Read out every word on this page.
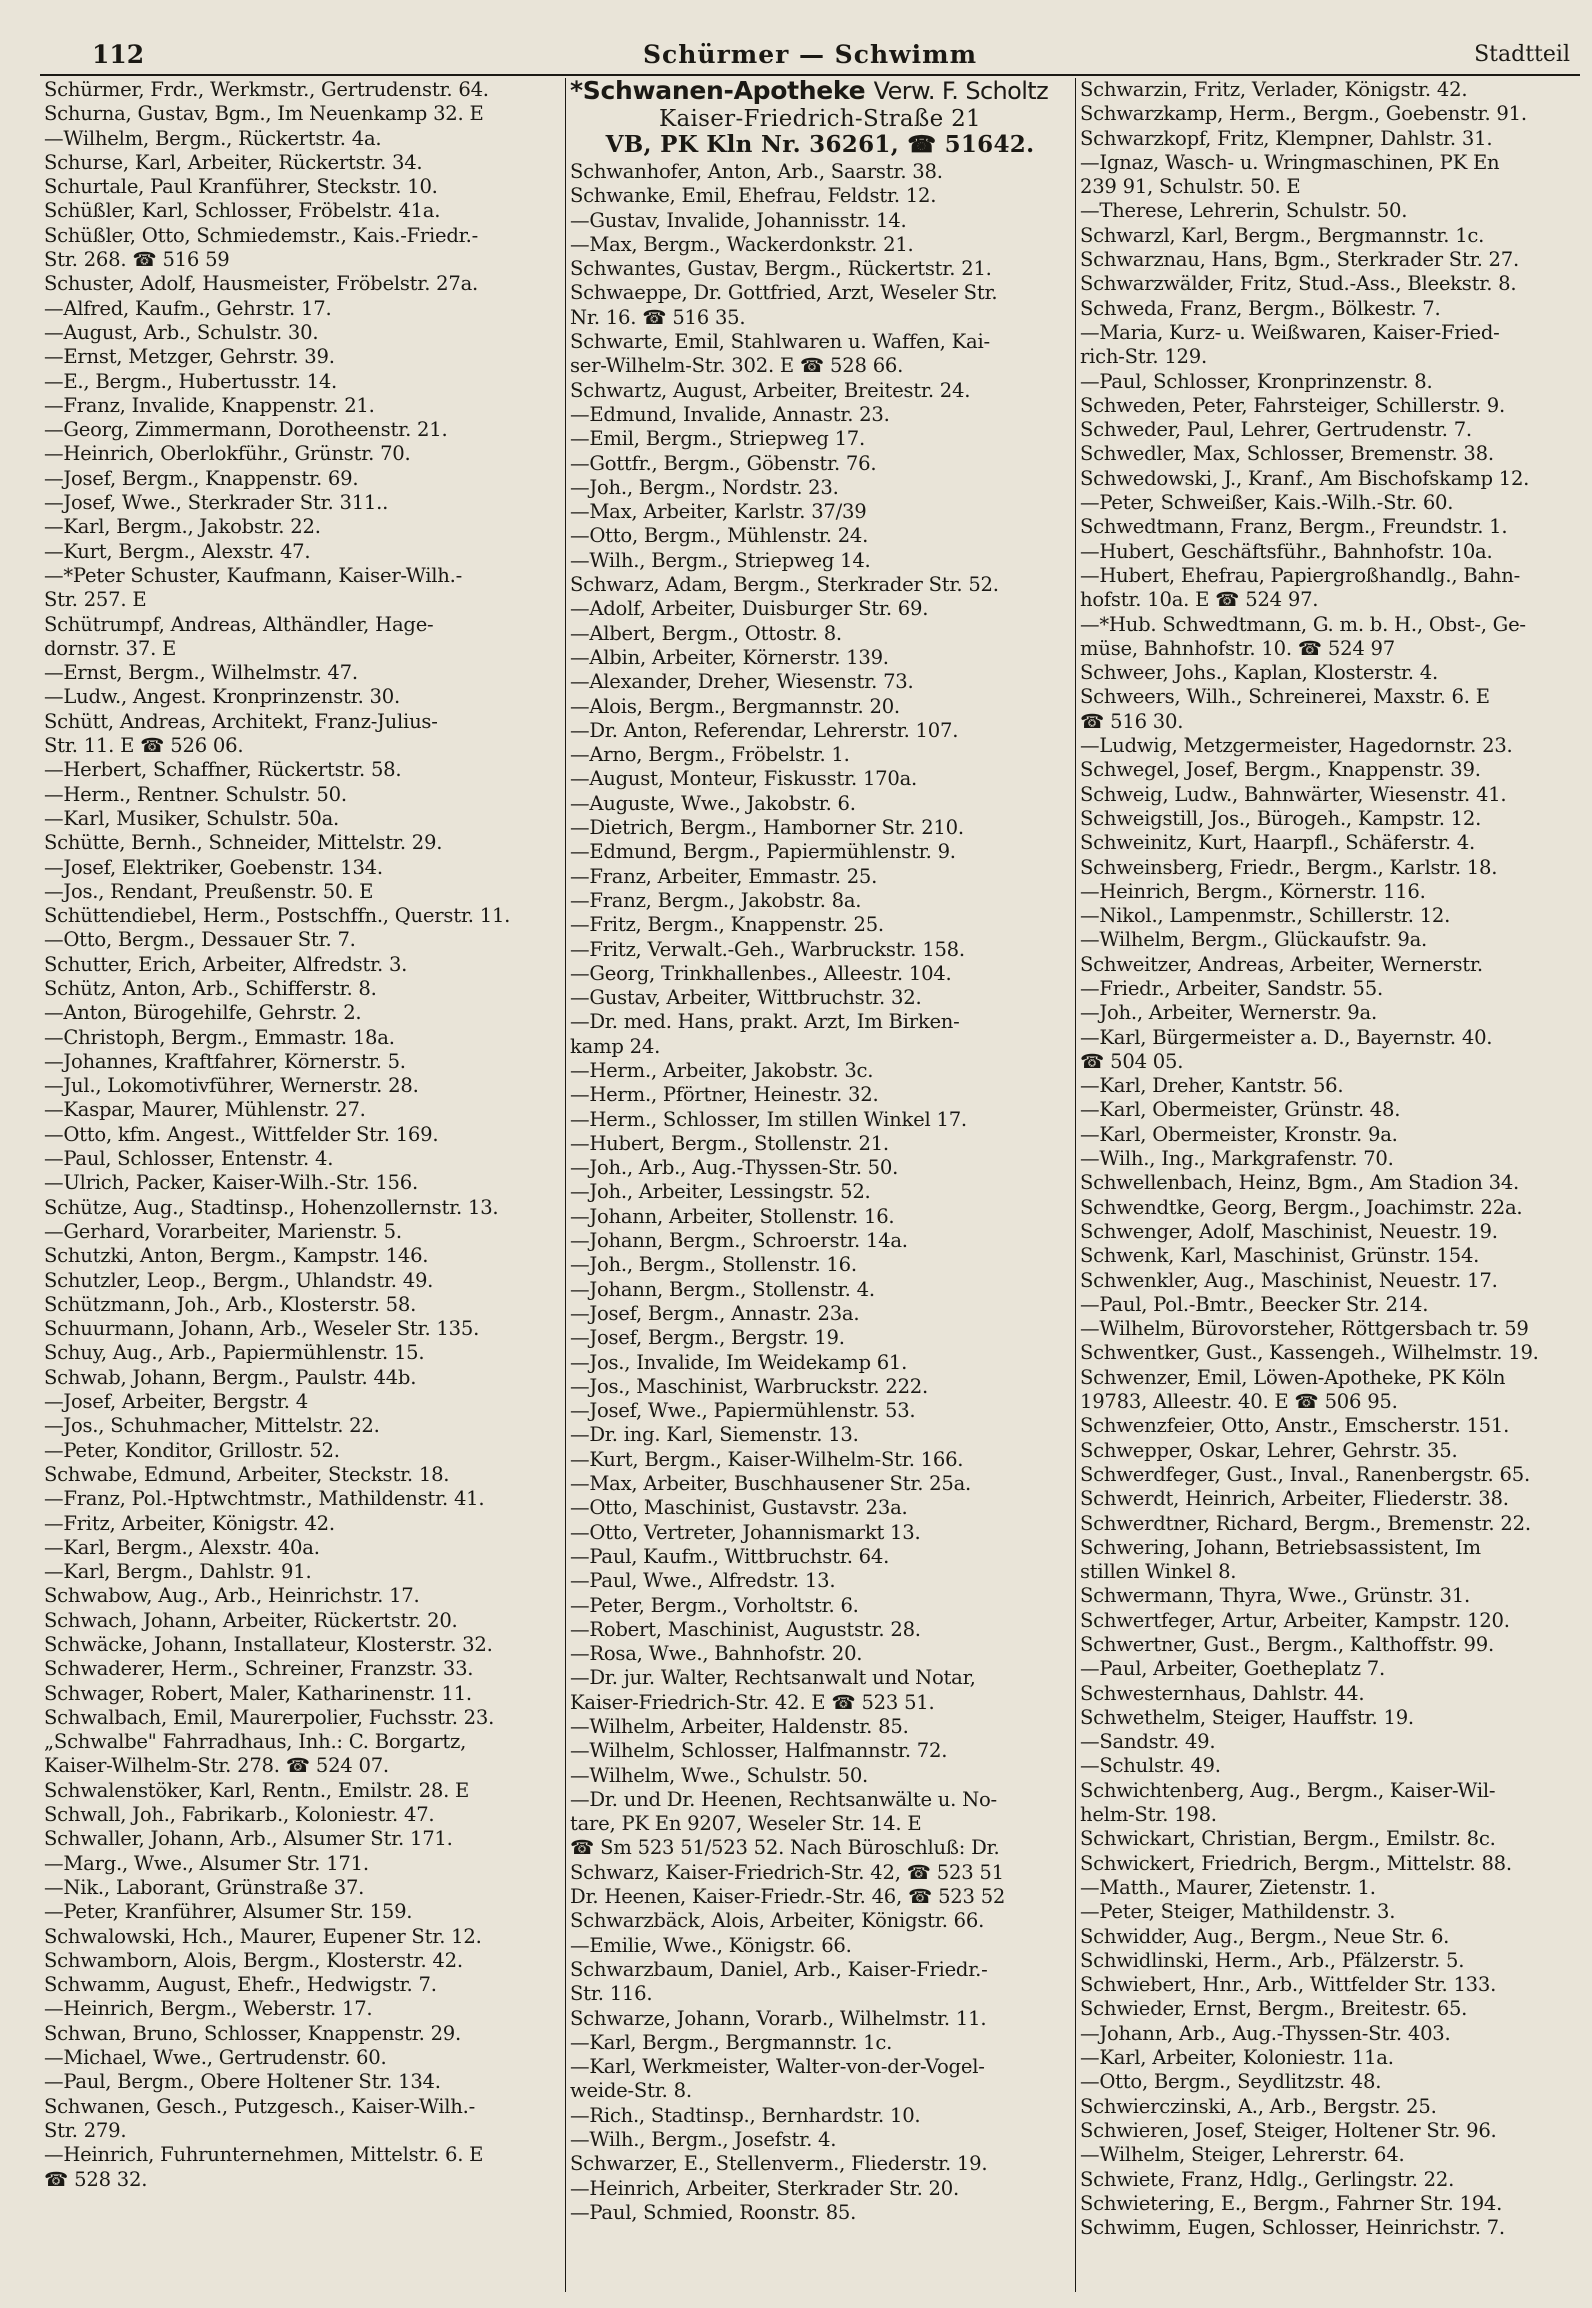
112	Schürmer — Schwimm	Stadtteil
Schürmer, Frdr., Werkmstr., Gertrudenstr. 64.
Schurna, Gustav, Bgm., Im Neuenkamp 32. E
—Wilhelm, Bergm., Rückertstr. 4a.
Schurse, Karl, Arbeiter, Rückertstr. 34.
Schurtale, Paul Kranführer, Steckstr. 10.
Schüßler, Karl, Schlosser, Fröbelstr. 41a.
Schüßler, Otto, Schmiedemstr., Kais.-Friedr.-
Str. 268. ☎ 516 59
Schuster, Adolf, Hausmeister, Fröbelstr. 27a.
—Alfred, Kaufm., Gehrstr. 17.
—August, Arb., Schulstr. 30.
—Ernst, Metzger, Gehrstr. 39.
—E., Bergm., Hubertusstr. 14.
—Franz, Invalide, Knappenstr. 21.
—Georg, Zimmermann, Dorotheenstr. 21.
—Heinrich, Oberlokführ., Grünstr. 70.
—Josef, Bergm., Knappenstr. 69.
—Josef, Wwe., Sterkrader Str. 311..
—Karl, Bergm., Jakobstr. 22.
—Kurt, Bergm., Alexstr. 47.
—*Peter Schuster, Kaufmann, Kaiser-Wilh.-
Str. 257. E
Schütrumpf, Andreas, Althändler, Hage-
dornstr. 37. E
—Ernst, Bergm., Wilhelmstr. 47.
—Ludw., Angest. Kronprinzenstr. 30.
Schütt, Andreas, Architekt, Franz-Julius-
Str. 11. E ☎ 526 06.
—Herbert, Schaffner, Rückertstr. 58.
—Herm., Rentner. Schulstr. 50.
—Karl, Musiker, Schulstr. 50a.
Schütte, Bernh., Schneider, Mittelstr. 29.
—Josef, Elektriker, Goebenstr. 134.
—Jos., Rendant, Preußenstr. 50. E
Schüttendiebel, Herm., Postschffn., Querstr. 11.
—Otto, Bergm., Dessauer Str. 7.
Schutter, Erich, Arbeiter, Alfredstr. 3.
Schütz, Anton, Arb., Schifferstr. 8.
—Anton, Bürogehilfe, Gehrstr. 2.
—Christoph, Bergm., Emmastr. 18a.
—Johannes, Kraftfahrer, Körnerstr. 5.
—Jul., Lokomotivführer, Wernerstr. 28.
—Kaspar, Maurer, Mühlenstr. 27.
—Otto, kfm. Angest., Wittfelder Str. 169.
—Paul, Schlosser, Entenstr. 4.
—Ulrich, Packer, Kaiser-Wilh.-Str. 156.
Schütze, Aug., Stadtinsp., Hohenzollernstr. 13.
—Gerhard, Vorarbeiter, Marienstr. 5.
Schutzki, Anton, Bergm., Kampstr. 146.
Schutzler, Leop., Bergm., Uhlandstr. 49.
Schützmann, Joh., Arb., Klosterstr. 58.
Schuurmann, Johann, Arb., Weseler Str. 135.
Schuy, Aug., Arb., Papiermühlenstr. 15.
Schwab, Johann, Bergm., Paulstr. 44b.
—Josef, Arbeiter, Bergstr. 4
—Jos., Schuhmacher, Mittelstr. 22.
—Peter, Konditor, Grillostr. 52.
Schwabe, Edmund, Arbeiter, Steckstr. 18.
—Franz, Pol.-Hptwchtmstr., Mathildenstr. 41.
—Fritz, Arbeiter, Königstr. 42.
—Karl, Bergm., Alexstr. 40a.
—Karl, Bergm., Dahlstr. 91.
Schwabow, Aug., Arb., Heinrichstr. 17.
Schwach, Johann, Arbeiter, Rückertstr. 20.
Schwäcke, Johann, Installateur, Klosterstr. 32.
Schwaderer, Herm., Schreiner, Franzstr. 33.
Schwager, Robert, Maler, Katharinenstr. 11.
Schwalbach, Emil, Maurerpolier, Fuchsstr. 23.
„Schwalbe" Fahrradhaus, Inh.: C. Borgartz,
Kaiser-Wilhelm-Str. 278. ☎ 524 07.
Schwalenstöker, Karl, Rentn., Emilstr. 28. E
Schwall, Joh., Fabrikarb., Koloniestr. 47.
Schwaller, Johann, Arb., Alsumer Str. 171.
—Marg., Wwe., Alsumer Str. 171.
—Nik., Laborant, Grünstraße 37.
—Peter, Kranführer, Alsumer Str. 159.
Schwalowski, Hch., Maurer, Eupener Str. 12.
Schwamborn, Alois, Bergm., Klosterstr. 42.
Schwamm, August, Ehefr., Hedwigstr. 7.
—Heinrich, Bergm., Weberstr. 17.
Schwan, Bruno, Schlosser, Knappenstr. 29.
—Michael, Wwe., Gertrudenstr. 60.
—Paul, Bergm., Obere Holtener Str. 134.
Schwanen, Gesch., Putzgesch., Kaiser-Wilh.-
Str. 279.
—Heinrich, Fuhrunternehmen, Mittelstr. 6. E
☎ 528 32.
*Schwanen-Apotheke Verw. F. Scholtz
Kaiser-Friedrich-Straße 21
VB, PK Kln Nr. 36261, ☎ 51642.
Schwanhofer, Anton, Arb., Saarstr. 38.
Schwanke, Emil, Ehefrau, Feldstr. 12.
—Gustav, Invalide, Johannisstr. 14.
—Max, Bergm., Wackerdonkstr. 21.
Schwantes, Gustav, Bergm., Rückertstr. 21.
Schwaeppe, Dr. Gottfried, Arzt, Weseler Str.
Nr. 16. ☎ 516 35.
Schwarte, Emil, Stahlwaren u. Waffen, Kai-
ser-Wilhelm-Str. 302. E ☎ 528 66.
Schwartz, August, Arbeiter, Breitestr. 24.
—Edmund, Invalide, Annastr. 23.
—Emil, Bergm., Striepweg 17.
—Gottfr., Bergm., Göbenstr. 76.
—Joh., Bergm., Nordstr. 23.
—Max, Arbeiter, Karlstr. 37/39
—Otto, Bergm., Mühlenstr. 24.
—Wilh., Bergm., Striepweg 14.
Schwarz, Adam, Bergm., Sterkrader Str. 52.
—Adolf, Arbeiter, Duisburger Str. 69.
—Albert, Bergm., Ottostr. 8.
—Albin, Arbeiter, Körnerstr. 139.
—Alexander, Dreher, Wiesenstr. 73.
—Alois, Bergm., Bergmannstr. 20.
—Dr. Anton, Referendar, Lehrerstr. 107.
—Arno, Bergm., Fröbelstr. 1.
—August, Monteur, Fiskusstr. 170a.
—Auguste, Wwe., Jakobstr. 6.
—Dietrich, Bergm., Hamborner Str. 210.
—Edmund, Bergm., Papiermühlenstr. 9.
—Franz, Arbeiter, Emmastr. 25.
—Franz, Bergm., Jakobstr. 8a.
—Fritz, Bergm., Knappenstr. 25.
—Fritz, Verwalt.-Geh., Warbruckstr. 158.
—Georg, Trinkhallenbes., Alleestr. 104.
—Gustav, Arbeiter, Wittbruchstr. 32.
—Dr. med. Hans, prakt. Arzt, Im Birken-
kamp 24.
—Herm., Arbeiter, Jakobstr. 3c.
—Herm., Pförtner, Heinestr. 32.
—Herm., Schlosser, Im stillen Winkel 17.
—Hubert, Bergm., Stollenstr. 21.
—Joh., Arb., Aug.-Thyssen-Str. 50.
—Joh., Arbeiter, Lessingstr. 52.
—Johann, Arbeiter, Stollenstr. 16.
—Johann, Bergm., Schroerstr. 14a.
—Joh., Bergm., Stollenstr. 16.
—Johann, Bergm., Stollenstr. 4.
—Josef, Bergm., Annastr. 23a.
—Josef, Bergm., Bergstr. 19.
—Jos., Invalide, Im Weidekamp 61.
—Jos., Maschinist, Warbruckstr. 222.
—Josef, Wwe., Papiermühlenstr. 53.
—Dr. ing. Karl, Siemenstr. 13.
—Kurt, Bergm., Kaiser-Wilhelm-Str. 166.
—Max, Arbeiter, Buschhausener Str. 25a.
—Otto, Maschinist, Gustavstr. 23a.
—Otto, Vertreter, Johannismarkt 13.
—Paul, Kaufm., Wittbruchstr. 64.
—Paul, Wwe., Alfredstr. 13.
—Peter, Bergm., Vorholtstr. 6.
—Robert, Maschinist, Auguststr. 28.
—Rosa, Wwe., Bahnhofstr. 20.
—Dr. jur. Walter, Rechtsanwalt und Notar,
Kaiser-Friedrich-Str. 42. E ☎ 523 51.
—Wilhelm, Arbeiter, Haldenstr. 85.
—Wilhelm, Schlosser, Halfmannstr. 72.
—Wilhelm, Wwe., Schulstr. 50.
—Dr. und Dr. Heenen, Rechtsanwälte u. No-
tare, PK En 9207, Weseler Str. 14. E
☎ Sm 523 51/523 52. Nach Büroschluß: Dr.
Schwarz, Kaiser-Friedrich-Str. 42, ☎ 523 51
Dr. Heenen, Kaiser-Friedr.-Str. 46, ☎ 523 52
Schwarzbäck, Alois, Arbeiter, Königstr. 66.
—Emilie, Wwe., Königstr. 66.
Schwarzbaum, Daniel, Arb., Kaiser-Friedr.-
Str. 116.
Schwarze, Johann, Vorarb., Wilhelmstr. 11.
—Karl, Bergm., Bergmannstr. 1c.
—Karl, Werkmeister, Walter-von-der-Vogel-
weide-Str. 8.
—Rich., Stadtinsp., Bernhardstr. 10.
—Wilh., Bergm., Josefstr. 4.
Schwarzer, E., Stellenverm., Fliederstr. 19.
—Heinrich, Arbeiter, Sterkrader Str. 20.
—Paul, Schmied, Roonstr. 85.
Schwarzin, Fritz, Verlader, Königstr. 42.
Schwarzkamp, Herm., Bergm., Goebenstr. 91.
Schwarzkopf, Fritz, Klempner, Dahlstr. 31.
—Ignaz, Wasch- u. Wringmaschinen, PK En
239 91, Schulstr. 50. E
—Therese, Lehrerin, Schulstr. 50.
Schwarzl, Karl, Bergm., Bergmannstr. 1c.
Schwarznau, Hans, Bgm., Sterkrader Str. 27.
Schwarzwälder, Fritz, Stud.-Ass., Bleekstr. 8.
Schweda, Franz, Bergm., Bölkestr. 7.
—Maria, Kurz- u. Weißwaren, Kaiser-Fried-
rich-Str. 129.
—Paul, Schlosser, Kronprinzenstr. 8.
Schweden, Peter, Fahrsteiger, Schillerstr. 9.
Schweder, Paul, Lehrer, Gertrudenstr. 7.
Schwedler, Max, Schlosser, Bremenstr. 38.
Schwedowski, J., Kranf., Am Bischofskamp 12.
—Peter, Schweißer, Kais.-Wilh.-Str. 60.
Schwedtmann, Franz, Bergm., Freundstr. 1.
—Hubert, Geschäftsführ., Bahnhofstr. 10a.
—Hubert, Ehefrau, Papiergroßhandlg., Bahn-
hofstr. 10a. E ☎ 524 97.
—*Hub. Schwedtmann, G. m. b. H., Obst-, Ge-
müse, Bahnhofstr. 10. ☎ 524 97
Schweer, Johs., Kaplan, Klosterstr. 4.
Schweers, Wilh., Schreinerei, Maxstr. 6. E
☎ 516 30.
—Ludwig, Metzgermeister, Hagedornstr. 23.
Schwegel, Josef, Bergm., Knappenstr. 39.
Schweig, Ludw., Bahnwärter, Wiesenstr. 41.
Schweigstill, Jos., Bürogeh., Kampstr. 12.
Schweinitz, Kurt, Haarpfl., Schäferstr. 4.
Schweinsberg, Friedr., Bergm., Karlstr. 18.
—Heinrich, Bergm., Körnerstr. 116.
—Nikol., Lampenmstr., Schillerstr. 12.
—Wilhelm, Bergm., Glückaufstr. 9a.
Schweitzer, Andreas, Arbeiter, Wernerstr.
—Friedr., Arbeiter, Sandstr. 55.
—Joh., Arbeiter, Wernerstr. 9a.
—Karl, Bürgermeister a. D., Bayernstr. 40.
☎ 504 05.
—Karl, Dreher, Kantstr. 56.
—Karl, Obermeister, Grünstr. 48.
—Karl, Obermeister, Kronstr. 9a.
—Wilh., Ing., Markgrafenstr. 70.
Schwellenbach, Heinz, Bgm., Am Stadion 34.
Schwendtke, Georg, Bergm., Joachimstr. 22a.
Schwenger, Adolf, Maschinist, Neuestr. 19.
Schwenk, Karl, Maschinist, Grünstr. 154.
Schwenkler, Aug., Maschinist, Neuestr. 17.
—Paul, Pol.-Bmtr., Beecker Str. 214.
—Wilhelm, Bürovorsteher, Röttgersbach tr. 59
Schwentker, Gust., Kassengeh., Wilhelmstr. 19.
Schwenzer, Emil, Löwen-Apotheke, PK Köln
19783, Alleestr. 40. E ☎ 506 95.
Schwenzfeier, Otto, Anstr., Emscherstr. 151.
Schwepper, Oskar, Lehrer, Gehrstr. 35.
Schwerdfeger, Gust., Inval., Ranenbergstr. 65.
Schwerdt, Heinrich, Arbeiter, Fliederstr. 38.
Schwerdtner, Richard, Bergm., Bremenstr. 22.
Schwering, Johann, Betriebsassistent, Im
stillen Winkel 8.
Schwermann, Thyra, Wwe., Grünstr. 31.
Schwertfeger, Artur, Arbeiter, Kampstr. 120.
Schwertner, Gust., Bergm., Kalthoffstr. 99.
—Paul, Arbeiter, Goetheplatz 7.
Schwesternhaus, Dahlstr. 44.
Schwethelm, Steiger, Hauffstr. 19.
—Sandstr. 49.
—Schulstr. 49.
Schwichtenberg, Aug., Bergm., Kaiser-Wil-
helm-Str. 198.
Schwickart, Christian, Bergm., Emilstr. 8c.
Schwickert, Friedrich, Bergm., Mittelstr. 88.
—Matth., Maurer, Zietenstr. 1.
—Peter, Steiger, Mathildenstr. 3.
Schwidder, Aug., Bergm., Neue Str. 6.
Schwidlinski, Herm., Arb., Pfälzerstr. 5.
Schwiebert, Hnr., Arb., Wittfelder Str. 133.
Schwieder, Ernst, Bergm., Breitestr. 65.
—Johann, Arb., Aug.-Thyssen-Str. 403.
—Karl, Arbeiter, Koloniestr. 11a.
—Otto, Bergm., Seydlitzstr. 48.
Schwierczinski, A., Arb., Bergstr. 25.
Schwieren, Josef, Steiger, Holtener Str. 96.
—Wilhelm, Steiger, Lehrerstr. 64.
Schwiete, Franz, Hdlg., Gerlingstr. 22.
Schwietering, E., Bergm., Fahrner Str. 194.
Schwimm, Eugen, Schlosser, Heinrichstr. 7.
